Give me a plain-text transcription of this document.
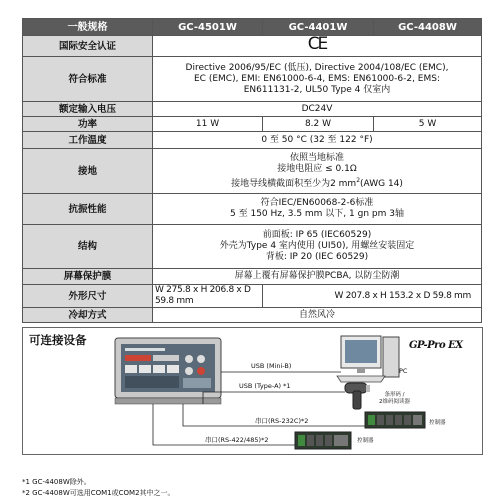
一般规格	GC-4501W	GC-4401W	GC-4408W
国际安全认证	CE		
符合标准	Directive 2006/95/EC (低压), Directive 2004/108/EC (EMC),
EC (EMC), EMI: EN61000-6-4, EMS: EN61000-6-2, EMS:
EN611131-2, UL50 Type 4 仅室内		

额定输入电压	DC24V		
功率	11 W	8.2 W	5 W
工作温度	0 至 50 °C (32 至 122 °F)		
接地	依照当地标准
接地电阻应 ≤ 0.1Ω
接地导线横截面积至少为2 $mm^2(AWG$ 14)		

抗振性能	符合IEC/EN60068-2-6标准
5 至 150 Hz, 3.5 mm 以下, 1 gn pm 3轴		

结构	前面板: IP 65 (IEC60529)
外壳为Type 4 室内使用 (UI50), 用螺丝安装固定
背板: IP 20 (IEC 60529)		

屏幕保护膜	屏幕上覆有屏幕保护膜PCBA, 以防尘防潮		
外形尺寸	W 275.8 x H 206.8 x D 59.8 mm	W 207.8 x H 153.2 x D 59.8 mm	
冷却方式	自然风冷		
可连接设备	GP-Pro EX
PC
USB (Mini-B)
USB (Type-A) *1
条形码 /
2维码阅读器
串口(RS-232C)*2
串口(RS-422/485)*2
控制器
控制器
*1 GC-4408W除外。
*2 GC-4408W可选用COM1或COM2其中之一。
